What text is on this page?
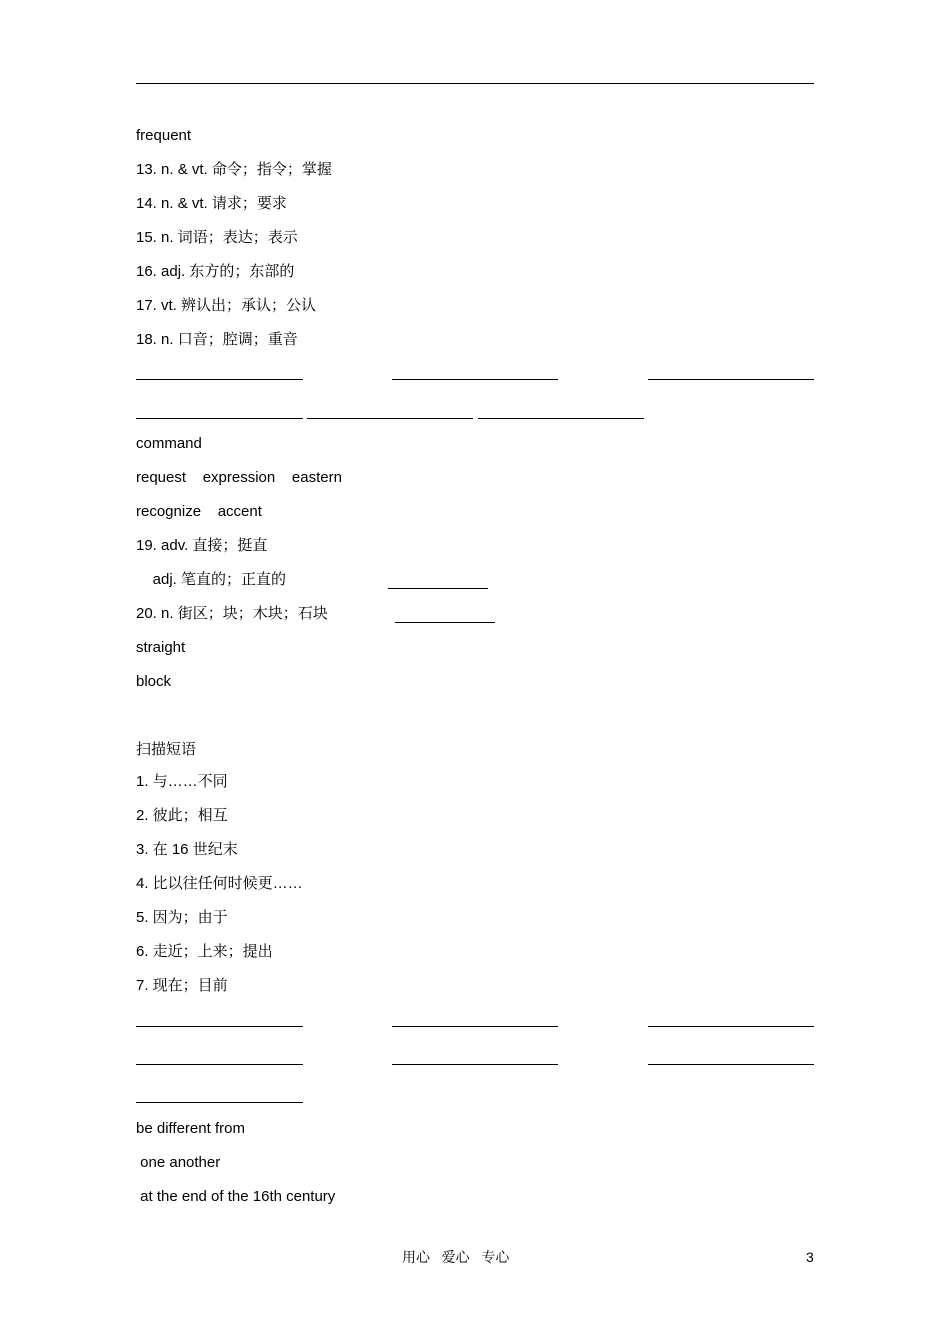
frequent
13. n. & vt. 命令；指令；掌握
14. n. & vt. 请求；要求
15. n. 词语；表达；表示
16. adj. 东方的；东部的
17. vt. 辨认出；承认；公认
18. n. 口音；腔调；重音
command
request    expression    eastern
recognize    accent
19. adv. 直接；挺直
adj. 笔直的；正直的
20. n. 街区；块；木块；石块
straight
block
扫描短语
1. 与……不同
2. 彼此；相互
3. 在 16 世纪末
4. 比以往任何时候更……
5. 因为；由于
6. 走近；上来；提出
7. 现在；目前
be different from
one another
at the end of the 16th century
用心   爱心   专心	3
